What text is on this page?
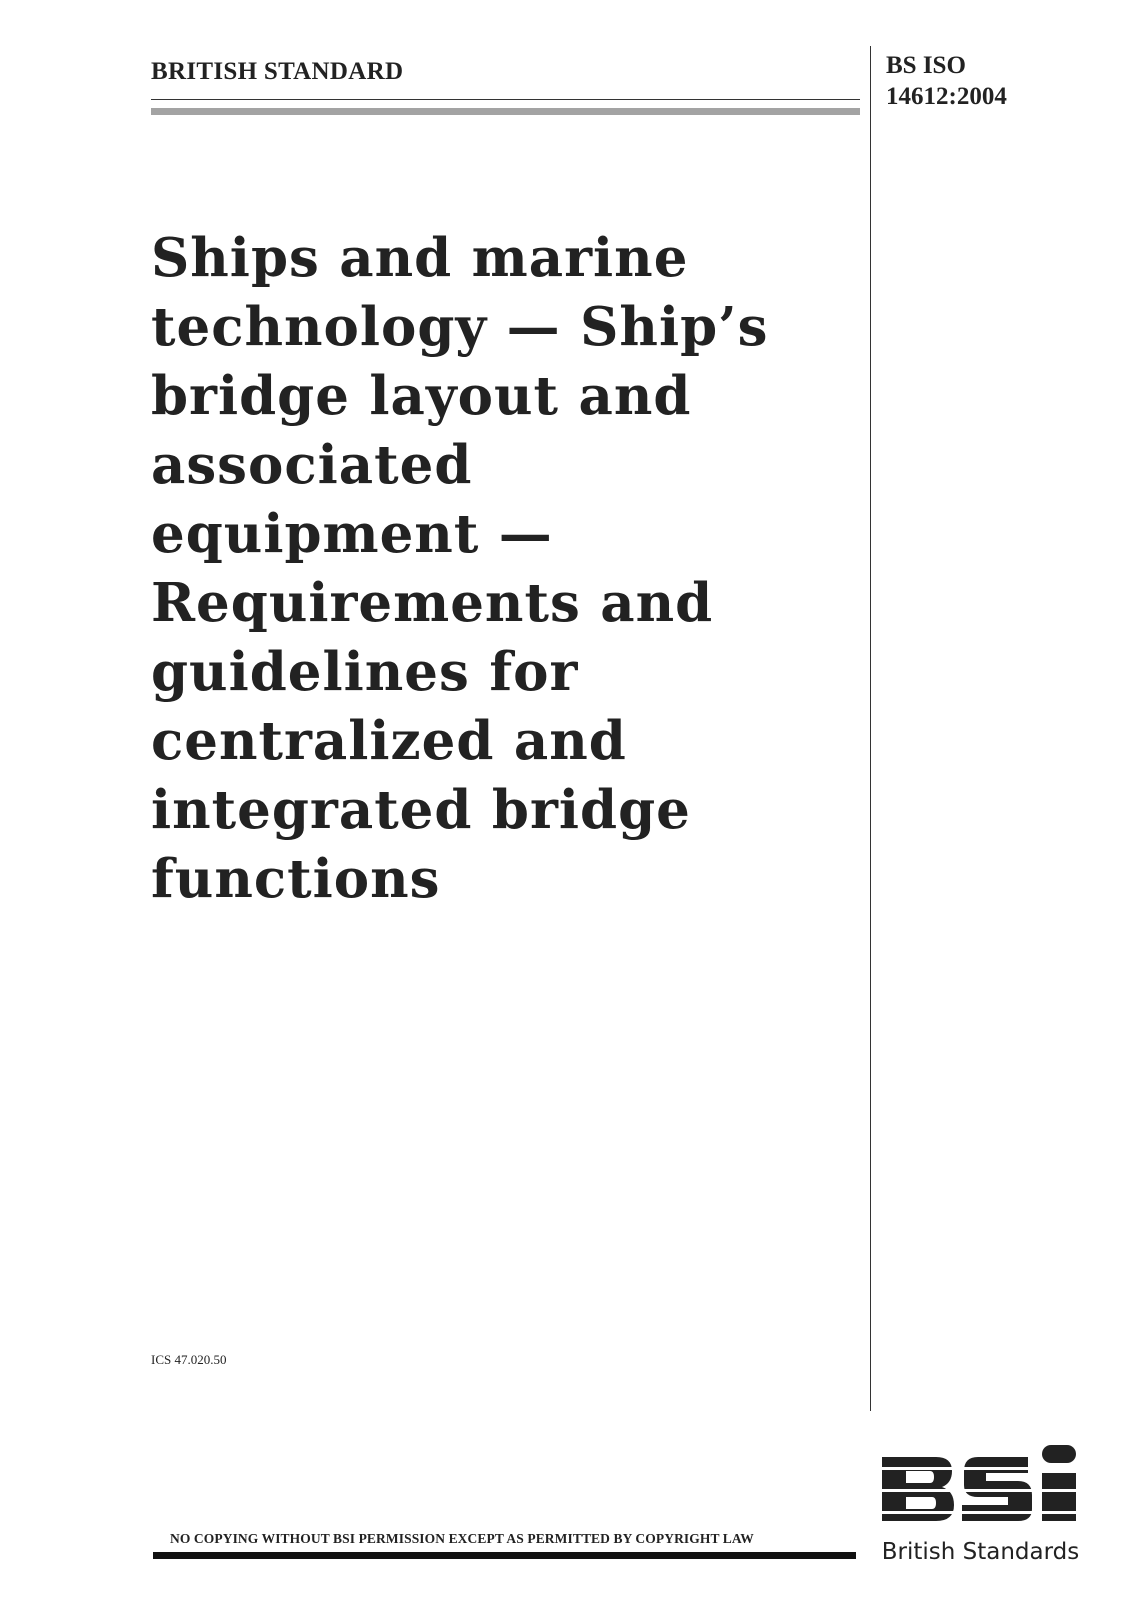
BRITISH STANDARD	BS ISO
14612:2004
Ships and marine
technology — Ship’s
bridge layout and
associated
equipment —
Requirements and
guidelines for
centralized and
integrated bridge
functions
ICS 47.020.50
NO COPYING WITHOUT BSI PERMISSION EXCEPT AS PERMITTED BY COPYRIGHT LAW
British Standards
